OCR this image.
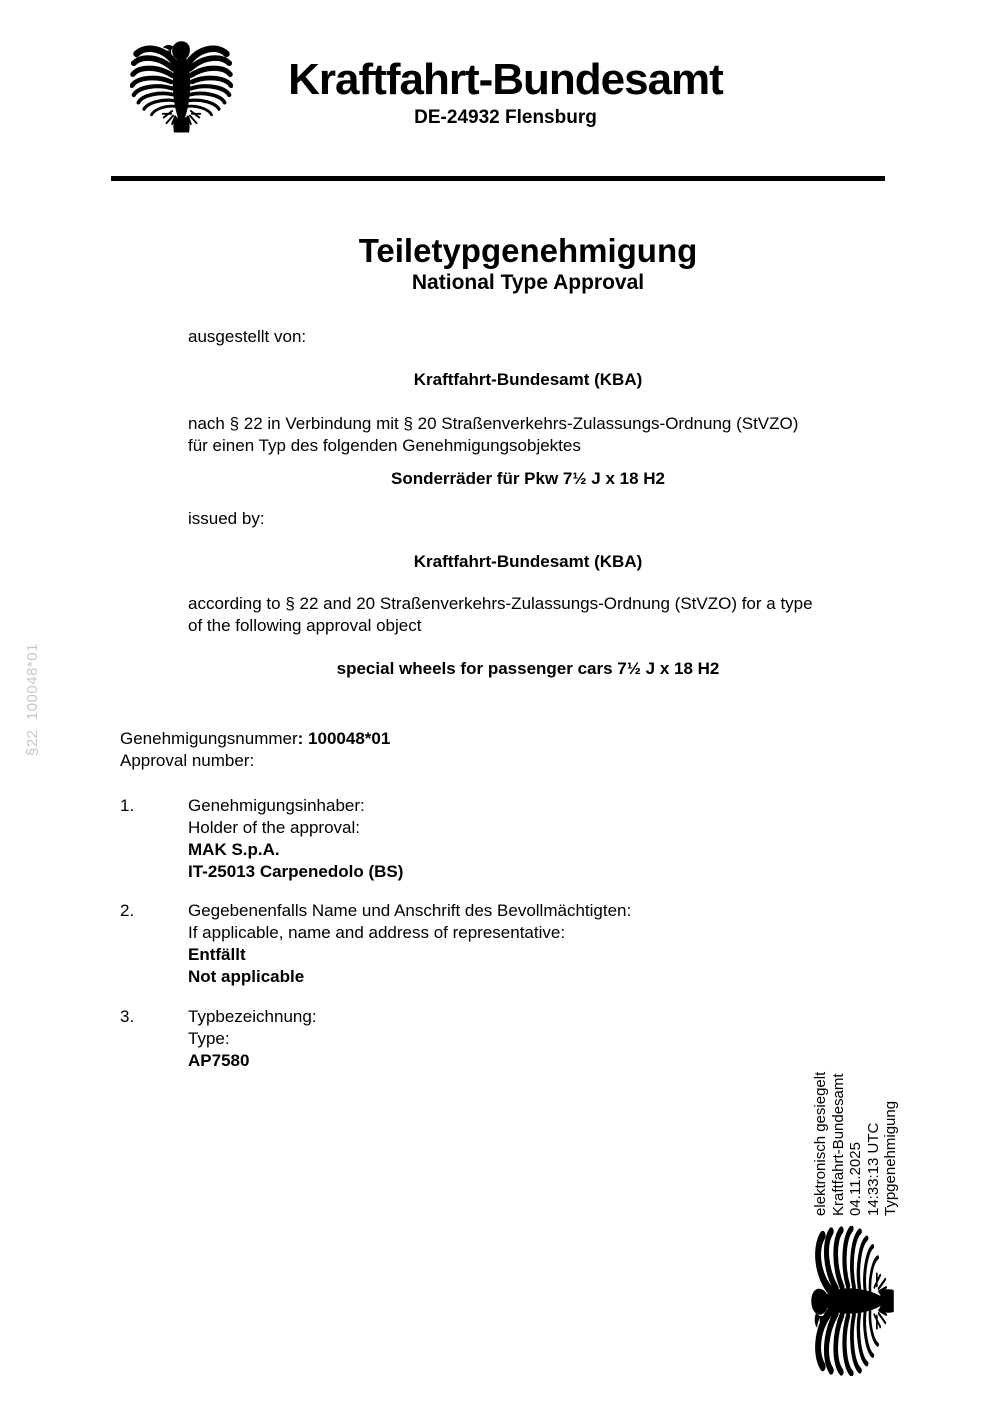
Kraftfahrt-Bundesamt
DE-24932 Flensburg
§22  100048*01
Teiletypgenehmigung
National Type Approval
ausgestellt von:
Kraftfahrt-Bundesamt (KBA)
nach § 22 in Verbindung mit § 20 Straßenverkehrs-Zulassungs-Ordnung (StVZO)
für einen Typ des folgenden Genehmigungsobjektes
Sonderräder für Pkw 7½ J x 18 H2
issued by:
Kraftfahrt-Bundesamt (KBA)
according to § 22 and 20 Straßenverkehrs-Zulassungs-Ordnung (StVZO) for a type
of the following approval object
special wheels for passenger cars 7½ J x 18 H2
Genehmigungsnummer: 100048*01
Approval number:
1.	Genehmigungsinhaber:
Holder of the approval:
MAK S.p.A.
IT-25013 Carpenedolo (BS)
2.	Gegebenenfalls Name und Anschrift des Bevollmächtigten:
If applicable, name and address of representative:
Entfällt
Not applicable
3.	Typbezeichnung:
Type:
AP7580
elektronisch gesiegelt Kraftfahrt-Bundesamt 04.11.2025 14:33:13 UTC Typgenehmigung
